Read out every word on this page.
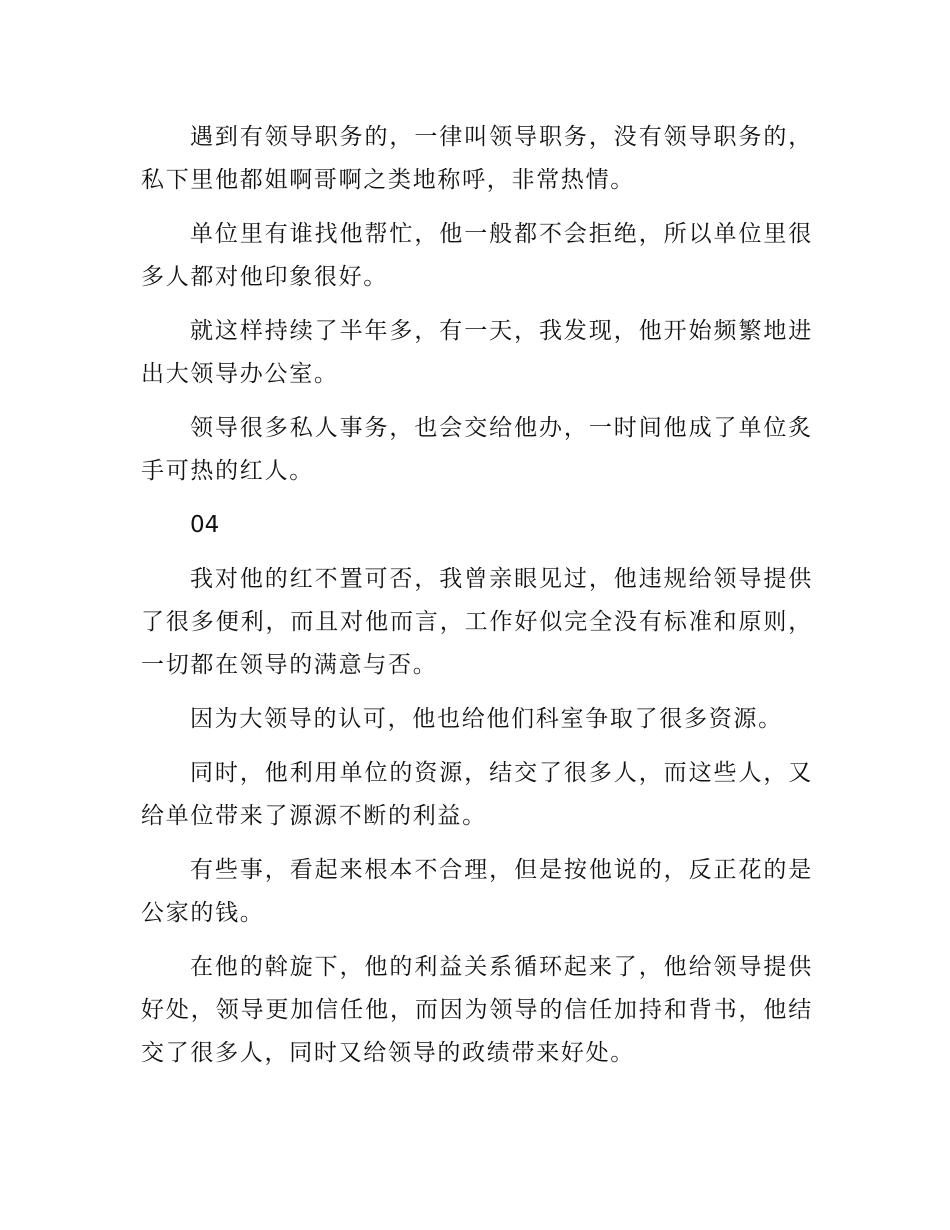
遇到有领导职务的，一律叫领导职务，没有领导职务的，私下里他都姐啊哥啊之类地称呼，非常热情。

单位里有谁找他帮忙，他一般都不会拒绝，所以单位里很多人都对他印象很好。

就这样持续了半年多，有一天，我发现，他开始频繁地进出大领导办公室。

领导很多私人事务，也会交给他办，一时间他成了单位炙手可热的红人。

04

我对他的红不置可否，我曾亲眼见过，他违规给领导提供了很多便利，而且对他而言，工作好似完全没有标准和原则，一切都在领导的满意与否。

因为大领导的认可，他也给他们科室争取了很多资源。

同时，他利用单位的资源，结交了很多人，而这些人，又给单位带来了源源不断的利益。

有些事，看起来根本不合理，但是按他说的，反正花的是公家的钱。

在他的斡旋下，他的利益关系循环起来了，他给领导提供好处，领导更加信任他，而因为领导的信任加持和背书，他结交了很多人，同时又给领导的政绩带来好处。
